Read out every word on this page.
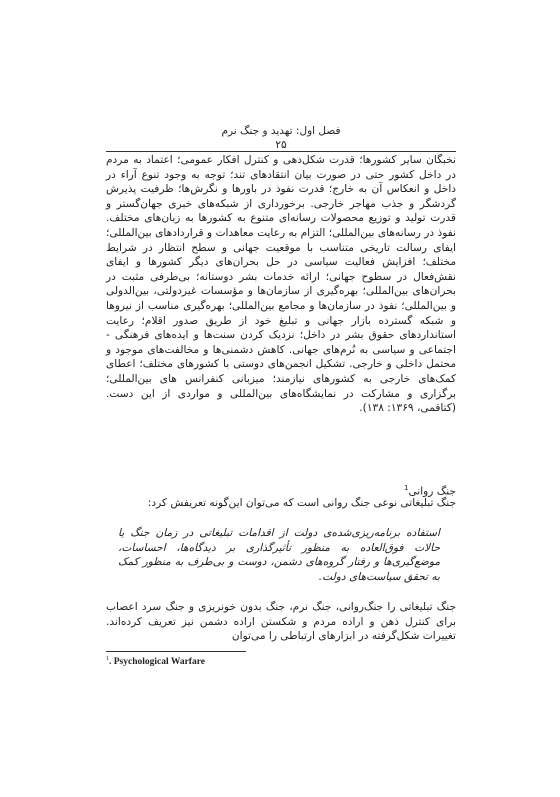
فصل اول: تهدید و جنگ نرم
۲۵

نخبگان سایر کشورها؛ قدرت شکل‌دهی و کنترل افکار عمومی؛ اعتماد به مردم در داخل کشور حتی در صورت بیان انتقادهای تند؛ توجه به وجود تنوع آراء در داخل و انعکاس آن به خارج؛ قدرت نفوذ در باورها و نگرش‌ها؛ ظرفیت پذیرش گردشگر و جذب مهاجر خارجی. برخورداری از شبکه‌های خبری جهان‌گستر و قدرت تولید و توزیع محصولات رسانه‌ای متنوع به کشورها به زبان‌های مختلف. نفوذ در رسانه‌های بین‌المللی؛ التزام به رعایت معاهدات و قراردادهای بین‌المللی؛ ایفای رسالت تاریخی متناسب با موقعیت جهانی و سطح انتظار در شرایط مختلف؛ افزایش فعالیت سیاسی در حل بحران‌های دیگر کشورها و ایفای نقش‌فعال در سطوح جهانی؛ ارائه خدمات بشر دوستانه؛ بی‌طرفی مثبت در بحران‌های بین‌المللی؛ بهره‌گیری از سازمان‌ها و مؤسسات غیردولتی، بین‌الدولی و بین‌المللی؛ نفوذ در سازمان‌ها و مجامع بین‌المللی؛ بهره‌گیری مناسب از نیروها و شبکه گسترده بازار جهانی و تبلیغ خود از طریق صدور اقلام؛ رعایت استانداردهای حقوق بشر در داخل؛ نزدیک کردن سنت‌ها و ایده‌های فرهنگی - اجتماعی و سیاسی به نُرم‌های جهانی. کاهش دشمنی‌ها و مخالفت‌های موجود و محتمل داخلی و خارجی. تشکیل انجمن‌های دوستی با کشورهای مختلف؛ اعطای کمک‌های خارجی به کشورهای نیازمند؛ میزبانی کنفرانس های بین‌المللی؛ برگزاری و مشارکت در نمایشگاه‌های بین‌المللی و مواردی از این دست. (کتاقمی، ۱۳۶۹: ۱۳۸).

جنگ روانی$^1$

جنگ تبلیغاتی نوعی جنگ روانی است که می‌توان این‌گونه تعریفش کرد:

استفاده برنامه‌ریزی‌شده‌ی دولت از اقدامات تبلیغاتی در زمان جنگ یا حالات فوق‌العاده به منظور تأثیرگذاری بر دیدگاه‌ها، احساسات، موضع‌گیری‌ها و رفتار گروه‌های دشمن، دوست و بی‌طرف به منظور کمک به تحقق سیاست‌های دولت.

جنگ تبلیغاتی را جنگ‌روانی، جنگ نرم، جنگ بدون خونریزی و جنگ سرد اعصاب برای کنترل ذهن و اراده مردم و شکستن اراده دشمن نیز تعریف کرده‌اند. تغییرات شکل‌گرفته در ابزارهای ارتباطی را می‌توان

$^1$. Psychological Warfare
